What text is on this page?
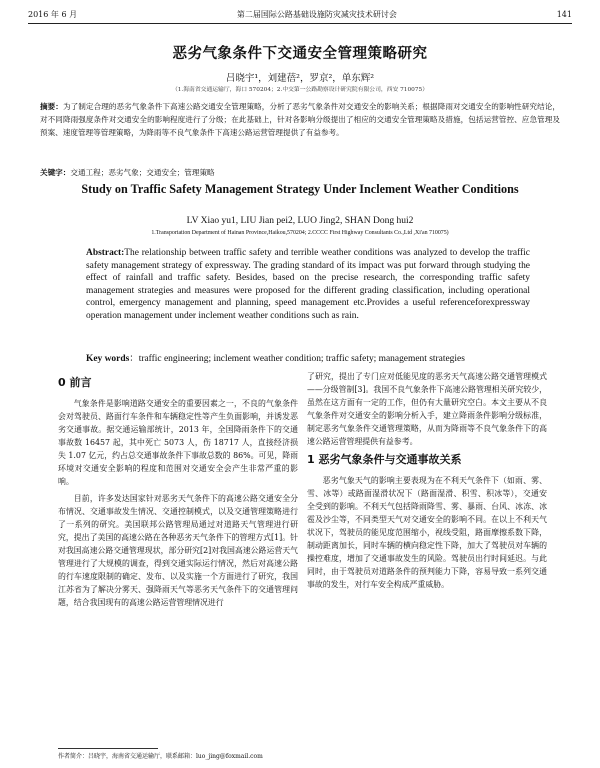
2016 年 6 月	第二届国际公路基础设施防灾减灾技术研讨会	141
恶劣气象条件下交通安全管理策略研究
吕晓宇¹，刘建蓓²，罗京²，单东辉²
（1.海南省交通运输厅，海口 570204；2.中交第一公路勘察设计研究院有限公司，西安 710075）
摘要：为了制定合理的恶劣气象条件下高速公路交通安全管理策略，分析了恶劣气象条件对交通安全的影响关系；根据降雨对交通安全的影响性研究结论，对不同降雨强度条件对交通安全的影响程度进行了分级；在此基础上，针对各影响分级提出了相应的交通安全管理策略及措施，包括运营管控、应急管理及预案、速度管理等管理策略，为降雨等不良气象条件下高速公路运营管理提供了有益参考。
关键字：交通工程；恶劣气象；交通安全；管理策略
Study on Traffic Safety Management Strategy Under Inclement Weather Conditions
LV Xiao yu1, LIU Jian pei2, LUO Jing2, SHAN Dong hui2
1.Transportation Department of Hainan Province,Haikou,570204; 2.CCCC First Highway Consultants Co.,Ltd ,Xi'an 710075)
Abstract:The relationship between traffic safety and terrible weather conditions was analyzed to develop the traffic safety management strategy of expressway. The grading standard of its impact was put forward through studying the effect of rainfall and traffic safety. Besides, based on the precise research, the corresponding traffic safety management strategies and measures were proposed for the different grading classification, including operational control, emergency management and planning, speed management etc.Provides a useful referenceforexpressway operation management under inclement weather conditions such as rain.
Key words：traffic engineering; inclement weather condition; traffic safety; management strategies
0 前言

气象条件是影响道路交通安全的重要因素之一，不良的气象条件会对驾驶员、路面行车条件和车辆稳定性等产生负面影响，并诱发恶劣交通事故。据交通运输部统计，2013 年，全国降雨条件下的交通事故数 16457 起，其中死亡 5073 人，伤 18717 人，直接经济损失 1.07 亿元，约占总交通事故条件下事故总数的 86%。可见，降雨环境对交通安全影响的程度和范围对交通安全会产生非常严重的影响。

目前，许多发达国家针对恶劣天气条件下的高速公路交通安全分布情况、交通事故发生情况、交通控制模式，以及交通管理策略进行了一系列的研究。美国联邦公路管理局通过对道路天气管理进行研究，提出了美国的高速公路在各种恶劣天气条件下的管理方式[1]。针对我国高速公路交通管理现状，部分研究[2]对我国高速公路运营天气管理进行了大规模的调查，得到交通实际运行情况，然后对高速公路的行车速度限制的确定、发布、以及实施一个方面进行了研究，我国江苏省为了解决分雾天、强降雨天气等恶劣天气条件下的交通管理问题，结合我国现有的高速公路运营管理情况进行

了研究，提出了专门应对低能见度的恶劣天气高速公路交通管理模式——分级管制[3]。我国不良气象条件下高速公路管理相关研究较少，虽然在这方面有一定的工作，但仍有大量研究空白。本文主要从不良气象条件对交通安全的影响分析入手，建立降雨条件影响分级标准，制定恶劣气象条件交通管理策略，从而为降雨等不良气象条件下的高速公路运营管理提供有益参考。

1 恶劣气象条件与交通事故关系

恶劣气象天气的影响主要表现为在不利天气条件下（如雨、雾、雪、冰等）或路面湿滑状况下（路面湿滑、积雪、积冰等），交通安全受到的影响。不利天气包括降雨降雪、雾、暴雨、台风、冰冻、冰雹及沙尘等，不同类型天气对交通安全的影响不同。在以上不利天气状况下，驾驶员的能见度范围缩小，视线受阻，路面摩擦系数下降，制动距离加长，同时车辆的横向稳定性下降，加大了驾驶员对车辆的操控难度，增加了交通事故发生的风险。驾驶员出行时间延迟。与此同时，由于驾驶员对道路条件的预判能力下降，容易导致一系列交通事故的发生，对行车安全构成严重威胁。

作者简介：吕晓宇，海南省交通运输厅，联系邮箱：luo_jing@foxmail.com
